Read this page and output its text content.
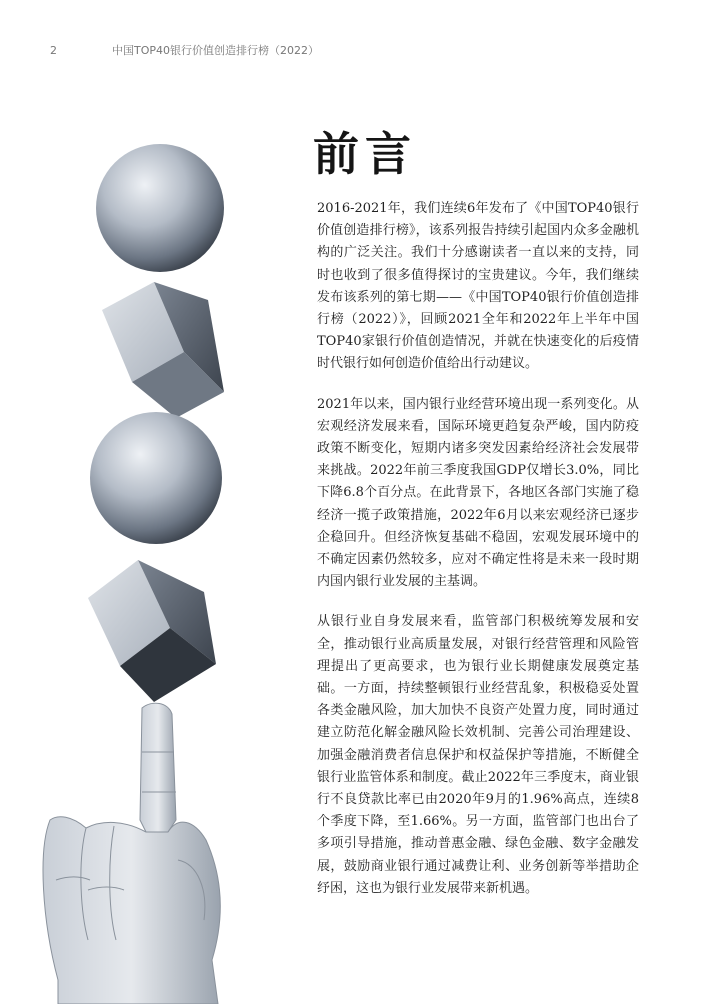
2	中国TOP40银行价值创造排行榜（2022）
前言

2016-2021年，我们连续6年发布了《中国TOP40银行价值创造排行榜》，该系列报告持续引起国内众多金融机构的广泛关注。我们十分感谢读者一直以来的支持，同时也收到了很多值得探讨的宝贵建议。今年，我们继续发布该系列的第七期——《中国TOP40银行价值创造排行榜（2022）》，回顾2021全年和2022年上半年中国TOP40家银行价值创造情况，并就在快速变化的后疫情时代银行如何创造价值给出行动建议。

2021年以来，国内银行业经营环境出现一系列变化。从宏观经济发展来看，国际环境更趋复杂严峻，国内防疫政策不断变化，短期内诸多突发因素给经济社会发展带来挑战。2022年前三季度我国GDP仅增长3.0%，同比下降6.8个百分点。在此背景下，各地区各部门实施了稳经济一揽子政策措施，2022年6月以来宏观经济已逐步企稳回升。但经济恢复基础不稳固，宏观发展环境中的不确定因素仍然较多，应对不确定性将是未来一段时期内国内银行业发展的主基调。

从银行业自身发展来看，监管部门积极统筹发展和安全，推动银行业高质量发展，对银行经营管理和风险管理提出了更高要求，也为银行业长期健康发展奠定基础。一方面，持续整顿银行业经营乱象，积极稳妥处置各类金融风险，加大加快不良资产处置力度，同时通过建立防范化解金融风险长效机制、完善公司治理建设、加强金融消费者信息保护和权益保护等措施，不断健全银行业监管体系和制度。截止2022年三季度末，商业银行不良贷款比率已由2020年9月的1.96%高点，连续8个季度下降，至1.66%。另一方面，监管部门也出台了多项引导措施，推动普惠金融、绿色金融、数字金融发展，鼓励商业银行通过减费让利、业务创新等举措助企纾困，这也为银行业发展带来新机遇。
